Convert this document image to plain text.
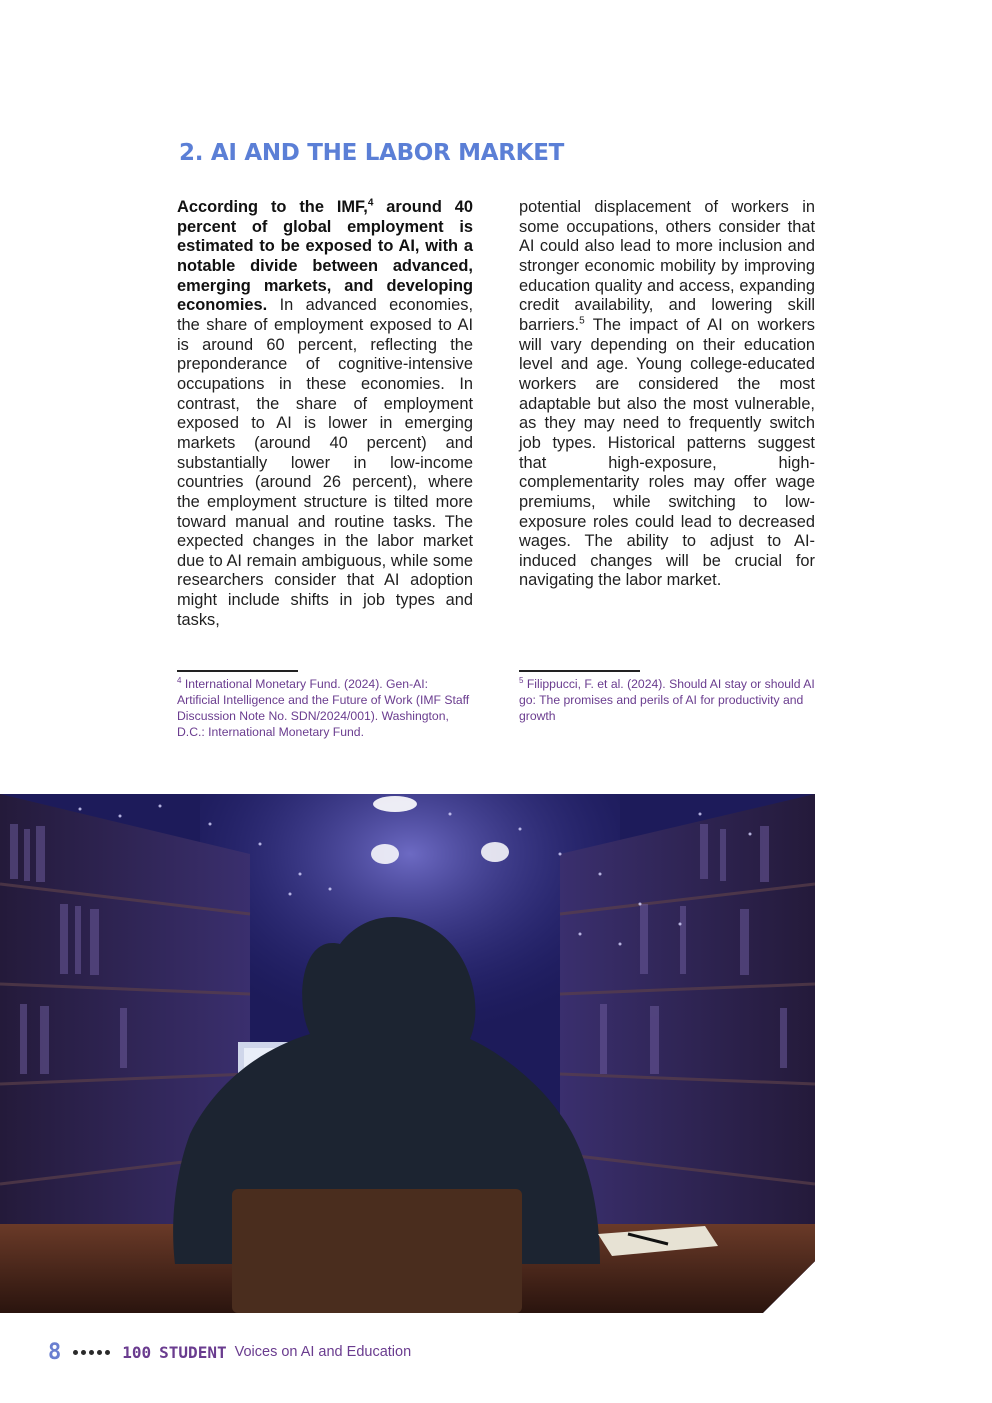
2. AI AND THE LABOR MARKET

According to the IMF,$^4$ around 40 percent of global employment is estimated to be exposed to AI, with a notable divide between advanced, emerging markets, and developing economies. In advanced economies, the share of employment exposed to AI is around 60 percent, reflecting the preponderance of cognitive-intensive occupations in these economies. In contrast, the share of employment exposed to AI is lower in emerging markets (around 40 percent) and substantially lower in low-income countries (around 26 percent), where the employment structure is tilted more toward manual and routine tasks. The expected changes in the labor market due to AI remain ambiguous, while some researchers consider that AI adoption might include shifts in job types and tasks,

potential displacement of workers in some occupations, others consider that AI could also lead to more inclusion and stronger economic mobility by improving education quality and access, expanding credit availability, and lowering skill barriers.$^5$ The impact of AI on workers will vary depending on their education level and age. Young college-educated workers are considered the most adaptable but also the most vulnerable, as they may need to frequently switch job types. Historical patterns suggest that high-exposure, high-complementarity roles may offer wage premiums, while switching to low-exposure roles could lead to decreased wages. The ability to adjust to AI-induced changes will be crucial for navigating the labor market.

$^4$ International Monetary Fund. (2024). Gen-AI: Artificial Intelligence and the Future of Work (IMF Staff Discussion Note No. SDN/2024/001). Washington, D.C.: International Monetary Fund.

$^5$ Filippucci, F. et al. (2024). Should AI stay or should AI go: The promises and perils of AI for productivity and growth

8	100 STUDENT Voices on AI and Education
